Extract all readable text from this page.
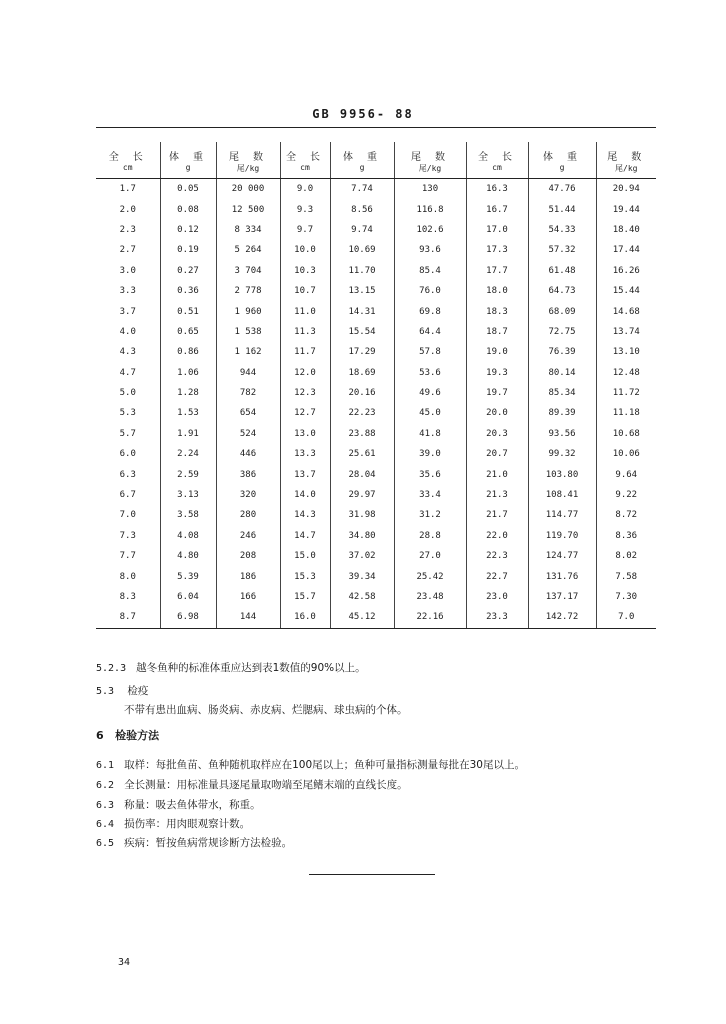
GB 9956- 88
全 长	体 重	尾 数	全 长	体 重	尾 数	全 长	体 重	尾 数
cm	g	尾/kg	cm	g	尾/kg	cm	g	尾/kg
1.7	0.05	20 000	9.0	7.74	130	16.3	47.76	20.94
2.0	0.08	12 500	9.3	8.56	116.8	16.7	51.44	19.44
2.3	0.12	8 334	9.7	9.74	102.6	17.0	54.33	18.40
2.7	0.19	5 264	10.0	10.69	93.6	17.3	57.32	17.44
3.0	0.27	3 704	10.3	11.70	85.4	17.7	61.48	16.26
3.3	0.36	2 778	10.7	13.15	76.0	18.0	64.73	15.44
3.7	0.51	1 960	11.0	14.31	69.8	18.3	68.09	14.68
4.0	0.65	1 538	11.3	15.54	64.4	18.7	72.75	13.74
4.3	0.86	1 162	11.7	17.29	57.8	19.0	76.39	13.10
4.7	1.06	944	12.0	18.69	53.6	19.3	80.14	12.48
5.0	1.28	782	12.3	20.16	49.6	19.7	85.34	11.72
5.3	1.53	654	12.7	22.23	45.0	20.0	89.39	11.18
5.7	1.91	524	13.0	23.88	41.8	20.3	93.56	10.68
6.0	2.24	446	13.3	25.61	39.0	20.7	99.32	10.06
6.3	2.59	386	13.7	28.04	35.6	21.0	103.80	9.64
6.7	3.13	320	14.0	29.97	33.4	21.3	108.41	9.22
7.0	3.58	280	14.3	31.98	31.2	21.7	114.77	8.72
7.3	4.08	246	14.7	34.80	28.8	22.0	119.70	8.36
7.7	4.80	208	15.0	37.02	27.0	22.3	124.77	8.02
8.0	5.39	186	15.3	39.34	25.42	22.7	131.76	7.58
8.3	6.04	166	15.7	42.58	23.48	23.0	137.17	7.30
8.7	6.98	144	16.0	45.12	22.16	23.3	142.72	7.0
5.2.3 越冬鱼种的标准体重应达到表1数值的90%以上。
5.3 检疫
不带有患出血病、肠炎病、赤皮病、烂腮病、球虫病的个体。
6 检验方法
6.1 取样：每批鱼苗、鱼种随机取样应在100尾以上；鱼种可量指标测量每批在30尾以上。
6.2 全长测量：用标准量具逐尾量取吻端至尾鳍末端的直线长度。
6.3 称量：吸去鱼体带水，称重。
6.4 损伤率：用肉眼观察计数。
6.5 疾病：暂按鱼病常规诊断方法检验。
34
